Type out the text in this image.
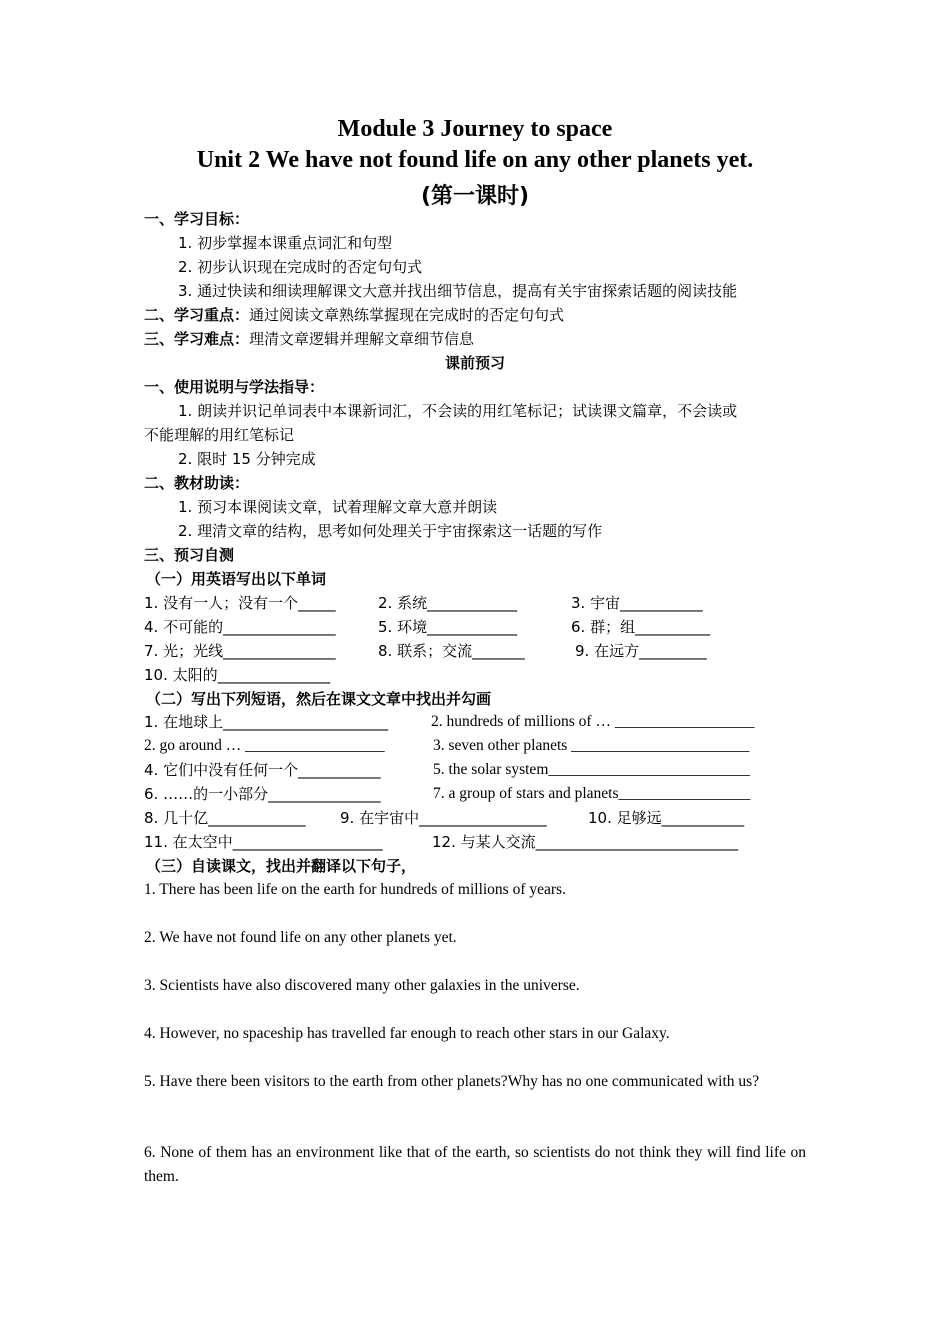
Module 3 Journey to space
Unit 2 We have not found life on any other planets yet.
(第一课时)
一、学习目标：
1. 初步掌握本课重点词汇和句型
2. 初步认识现在完成时的否定句句式
3. 通过快读和细读理解课文大意并找出细节信息，提高有关宇宙探索话题的阅读技能
二、学习重点：通过阅读文章熟练掌握现在完成时的否定句句式
三、学习难点：理清文章逻辑并理解文章细节信息
课前预习
一、使用说明与学法指导：
1. 朗读并识记单词表中本课新词汇，不会读的用红笔标记；试读课文篇章，不会读或
不能理解的用红笔标记
2. 限时 15 分钟完成
二、教材助读：
1. 预习本课阅读文章，试着理解文章大意并朗读
2. 理清文章的结构，思考如何处理关于宇宙探索这一话题的写作
三、预习自测
（一）用英语写出以下单词
1. 没有一人；没有一个_____	2. 系统____________	3. 宇宙___________
4. 不可能的_______________	5. 环境____________	6. 群；组__________
7. 光；光线_______________	8. 联系；交流_______	9. 在远方_________
10. 太阳的_______________
（二）写出下列短语，然后在课文文章中找出并勾画
1. 在地球上______________________	2. hundreds of millions of … __________________
2. go around … __________________	3. seven other planets _______________________
4. 它们中没有任何一个___________	5. the solar system__________________________
6. ……的一小部分_______________	7. a group of stars and planets_________________
8. 几十亿_____________ 9. 在宇宙中_________________	10. 足够远___________
11. 在太空中____________________	12. 与某人交流___________________________
（三）自读课文，找出并翻译以下句子，
1. There has been life on the earth for hundreds of millions of years.
2. We have not found life on any other planets yet.
3. Scientists have also discovered many other galaxies in the universe.
4. However, no spaceship has travelled far enough to reach other stars in our Galaxy.
5. Have there been visitors to the earth from other planets?Why has no one communicated with us?
6. None of them has an environment like that of the earth, so scientists do not think they will find life on them.
